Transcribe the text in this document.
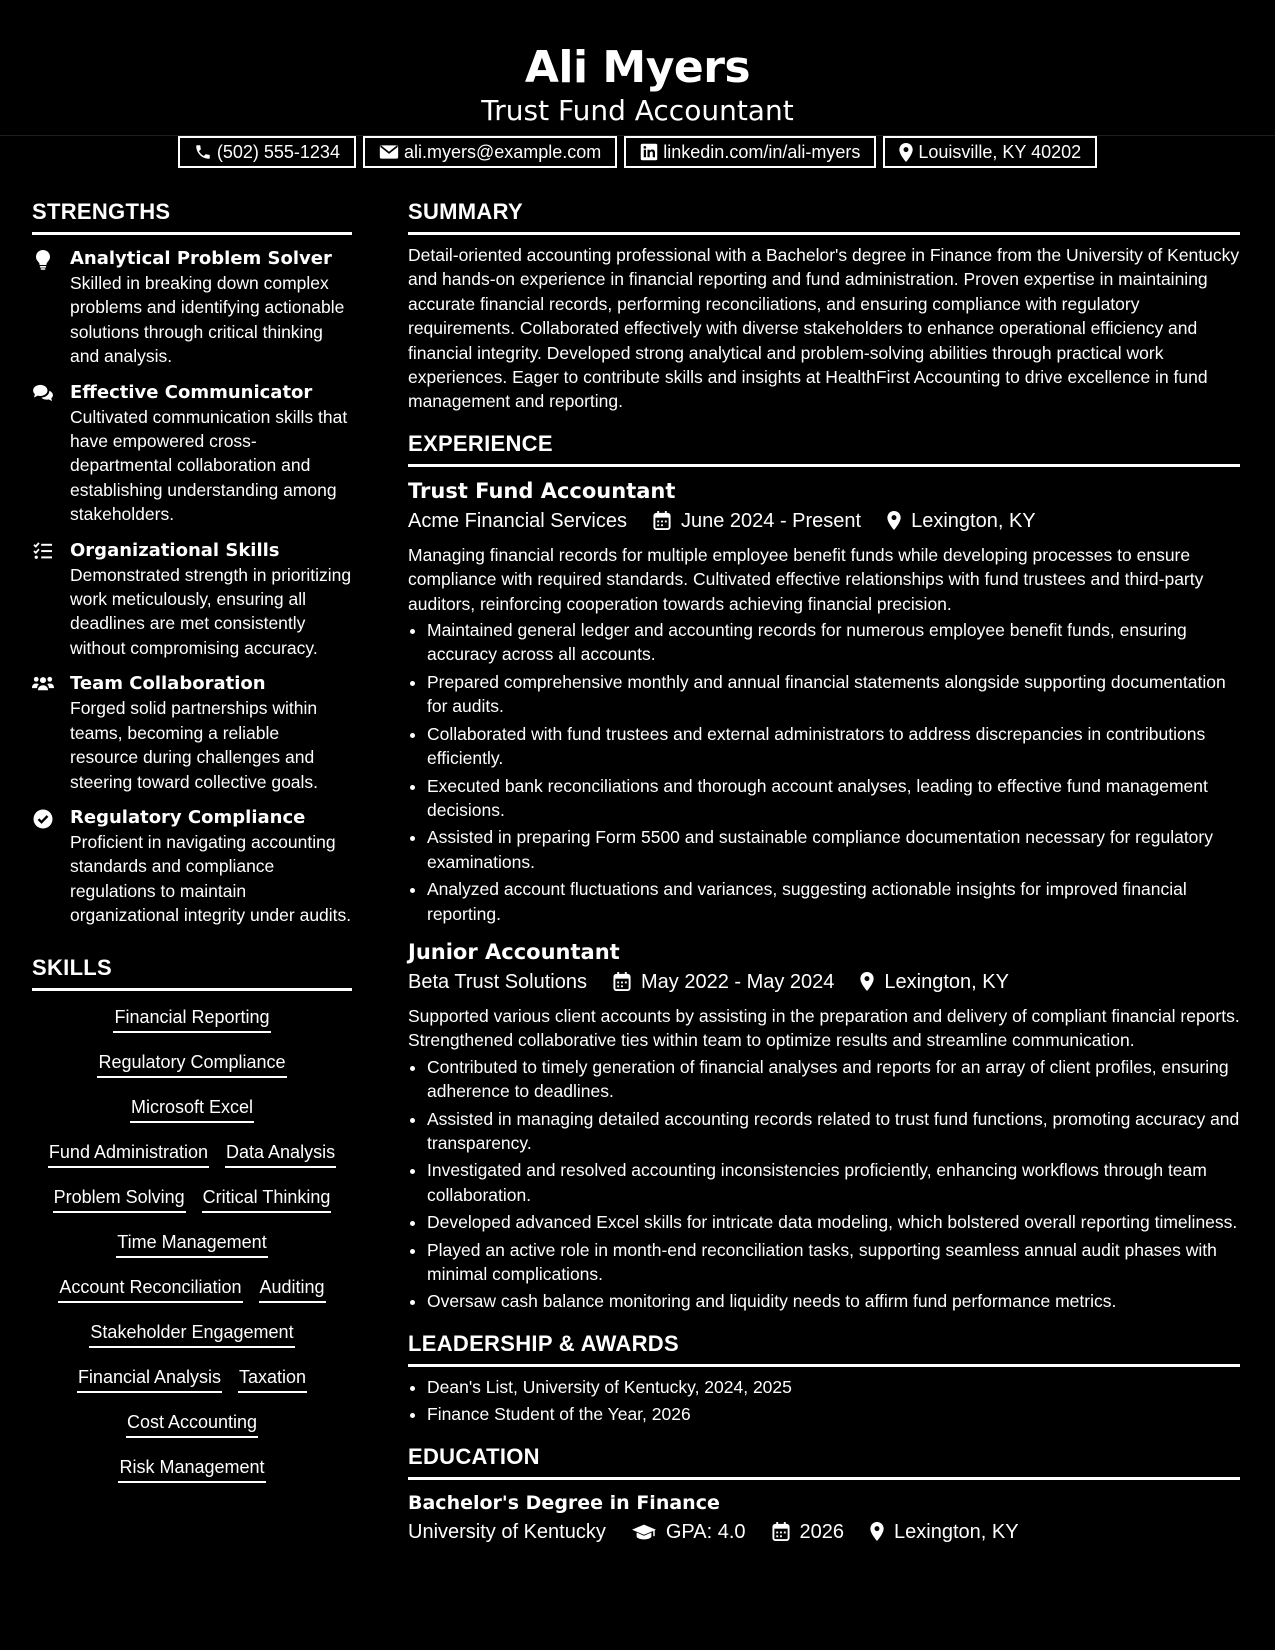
Ali Myers
Trust Fund Accountant
(502) 555-1234	ali.myers@example.com	linkedin.com/in/ali-myers	Louisville, KY 40202
STRENGTHS
Analytical Problem Solver
Skilled in breaking down complex problems and identifying actionable solutions through critical thinking and analysis.
Effective Communicator
Cultivated communication skills that have empowered cross-departmental collaboration and establishing understanding among stakeholders.
Organizational Skills
Demonstrated strength in prioritizing work meticulously, ensuring all deadlines are met consistently without compromising accuracy.
Team Collaboration
Forged solid partnerships within teams, becoming a reliable resource during challenges and steering toward collective goals.
Regulatory Compliance
Proficient in navigating accounting standards and compliance regulations to maintain organizational integrity under audits.
SKILLS
Financial Reporting
Regulatory Compliance
Microsoft Excel
Fund Administration Data Analysis
Problem Solving Critical Thinking
Time Management
Account Reconciliation Auditing
Stakeholder Engagement
Financial Analysis Taxation
Cost Accounting
Risk Management
SUMMARY
Detail-oriented accounting professional with a Bachelor's degree in Finance from the University of Kentucky and hands-on experience in financial reporting and fund administration. Proven expertise in maintaining accurate financial records, performing reconciliations, and ensuring compliance with regulatory requirements. Collaborated effectively with diverse stakeholders to enhance operational efficiency and financial integrity. Developed strong analytical and problem-solving abilities through practical work experiences. Eager to contribute skills and insights at HealthFirst Accounting to drive excellence in fund management and reporting.
EXPERIENCE
Trust Fund Accountant
Acme Financial Services	June 2024 - Present	Lexington, KY
Managing financial records for multiple employee benefit funds while developing processes to ensure compliance with required standards. Cultivated effective relationships with fund trustees and third-party auditors, reinforcing cooperation towards achieving financial precision.
• Maintained general ledger and accounting records for numerous employee benefit funds, ensuring accuracy across all accounts.
• Prepared comprehensive monthly and annual financial statements alongside supporting documentation for audits.
• Collaborated with fund trustees and external administrators to address discrepancies in contributions efficiently.
• Executed bank reconciliations and thorough account analyses, leading to effective fund management decisions.
• Assisted in preparing Form 5500 and sustainable compliance documentation necessary for regulatory examinations.
• Analyzed account fluctuations and variances, suggesting actionable insights for improved financial reporting.
Junior Accountant
Beta Trust Solutions	May 2022 - May 2024	Lexington, KY
Supported various client accounts by assisting in the preparation and delivery of compliant financial reports. Strengthened collaborative ties within team to optimize results and streamline communication.
• Contributed to timely generation of financial analyses and reports for an array of client profiles, ensuring adherence to deadlines.
• Assisted in managing detailed accounting records related to trust fund functions, promoting accuracy and transparency.
• Investigated and resolved accounting inconsistencies proficiently, enhancing workflows through team collaboration.
• Developed advanced Excel skills for intricate data modeling, which bolstered overall reporting timeliness.
• Played an active role in month-end reconciliation tasks, supporting seamless annual audit phases with minimal complications.
• Oversaw cash balance monitoring and liquidity needs to affirm fund performance metrics.
LEADERSHIP & AWARDS
• Dean's List, University of Kentucky, 2024, 2025
• Finance Student of the Year, 2026
EDUCATION
Bachelor's Degree in Finance
University of Kentucky	GPA: 4.0	2026	Lexington, KY
